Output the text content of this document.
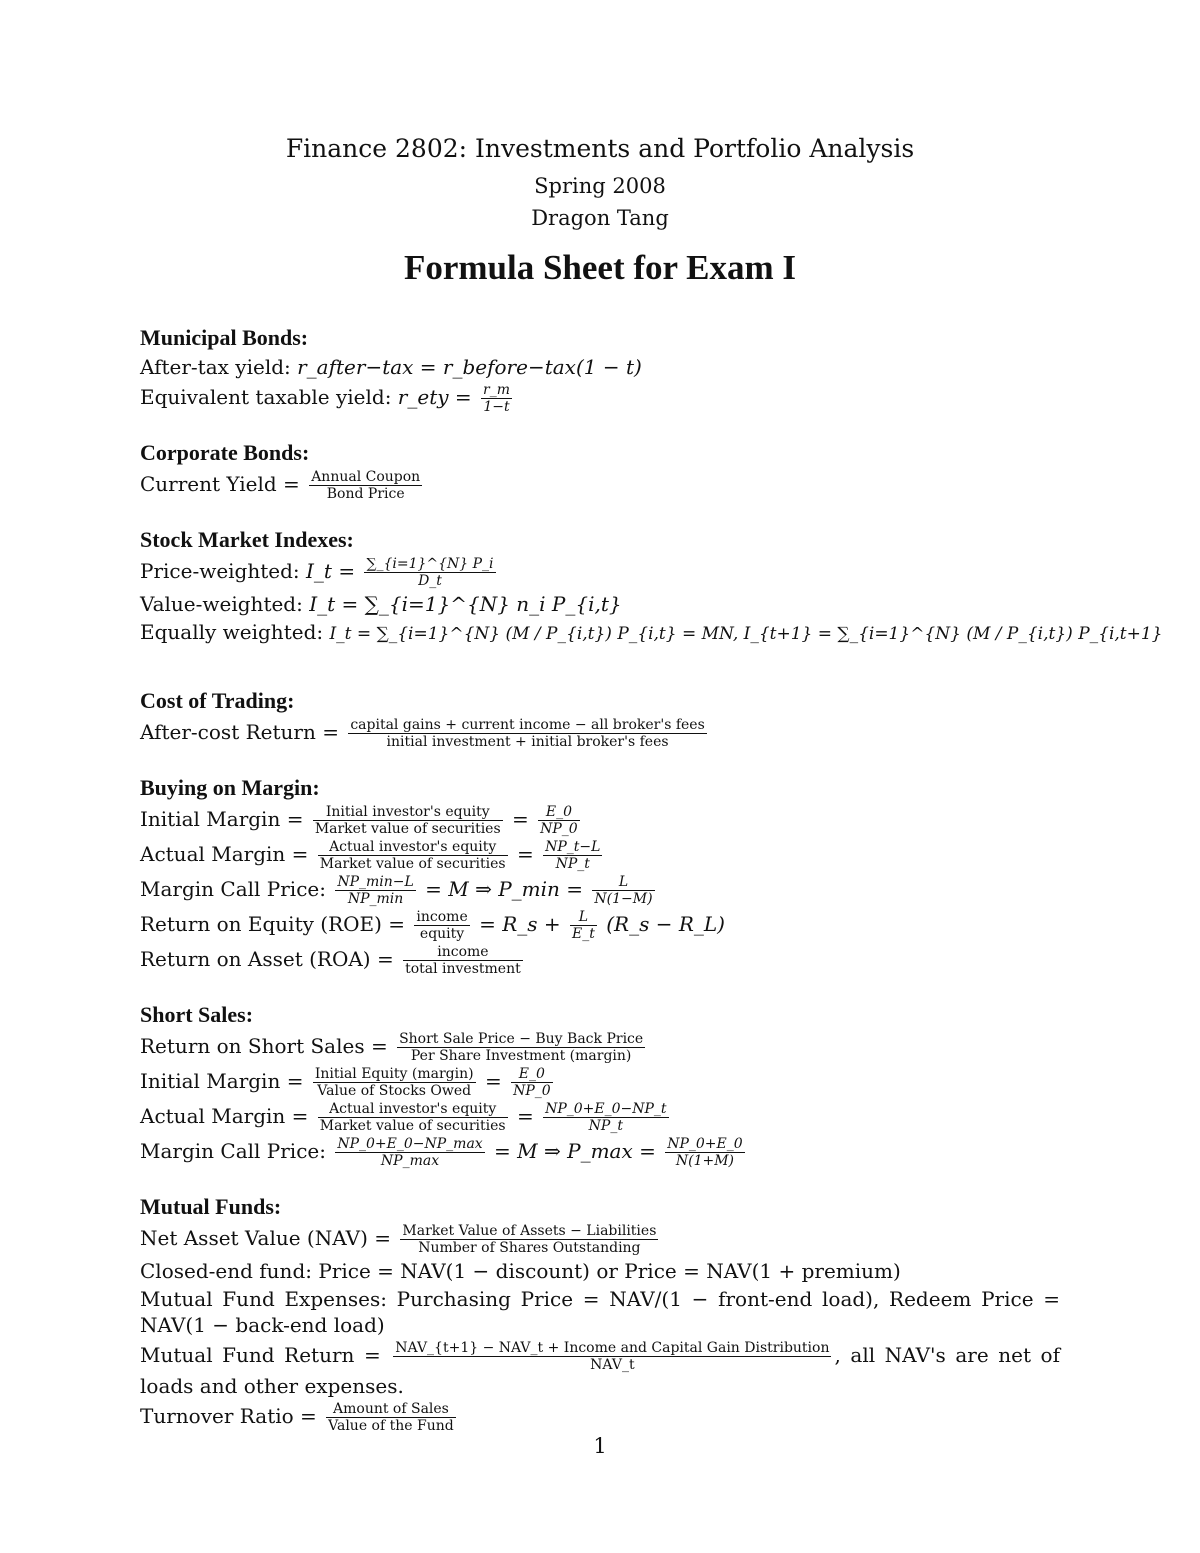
Finance 2802: Investments and Portfolio Analysis
Spring 2008
Dragon Tang
Formula Sheet for Exam I
Municipal Bonds:
After-tax yield: r_after−tax = r_before−tax(1 − t)
Equivalent taxable yield: r_ety = $\frac{r\_m}{1-t}$
Corporate Bonds:
Current Yield = $\frac{\text{Annual Coupon}}{\text{Bond Price}}$
Stock Market Indexes:
Price-weighted: I_t = $\frac{\sum\_\{i=1\}\^{}\{N\} P\_i}{D\_t}$
Value-weighted: I_t = ∑_{i=1}^{N} n_i P_{i,t}
Equally weighted: I_t = ∑_{i=1}^{N} (M / P_{i,t}) P_{i,t} = MN, I_{t+1} = ∑_{i=1}^{N} (M / P_{i,t}) P_{i,t+1}
Cost of Trading:
After-cost Return = $\frac{\text{capital gains + current income − all broker's fees}}{\text{initial investment + initial broker's fees}}$
Buying on Margin:
Initial Margin = $\frac{\text{Initial investor's equity}}{\text{Market value of securities}} = \frac{E\_0}{NP\_0}$
Actual Margin = $\frac{\text{Actual investor's equity}}{\text{Market value of securities}} = \frac{NP\_t-L}{NP\_t}$
Margin Call Price: $\frac{NP\_\min-L}{NP\_\min} = M$ ⇒ P_min = $\frac{L}{N(1-M)}$
Return on Equity $(ROE) = \frac{\text{income}}{\text{equity}}$ = R_s + $\frac{L}{E\_t}$ (R_s − R_L)
Return on Asset $(ROA) = \frac{\text{income}}{\text{total investment}}$
Short Sales:
Return on Short Sales = $\frac{\text{Short Sale Price − Buy Back Price}}{\text{Per Share Investment (margin)}}$
Initial Margin = $\frac{\text{Initial Equity (margin)}}{\text{Value of Stocks Owed}} = \frac{E\_0}{NP\_0}$
Actual Margin = $\frac{\text{Actual investor's equity}}{\text{Market value of securities}} = \frac{NP\_0+E\_0-NP\_t}{NP\_t}$
Margin Call Price: $\frac{NP\_0+E\_0-NP\_\max}{NP\_\max} = M$ ⇒ P_max = $\frac{NP\_0+E\_0}{N(1+M)}$
Mutual Funds:
Net Asset Value $(NAV) = \frac{\text{Market Value of Assets − Liabilities}}{\text{Number of Shares Outstanding}}$
Closed-end fund: Price = NAV(1 − discount) or Price = NAV(1 + premium)
Mutual Fund Expenses: Purchasing Price = NAV/(1 − front-end load), Redeem Price = NAV(1 − back-end load)
Mutual Fund Return = $\frac{\text{NAV\_\{t+1\} − NAV\_t + Income and Capital Gain Distribution}}{\text{NAV\_t}}$ , all NAV's are net of loads and other expenses.
Turnover Ratio = $\frac{\text{Amount of Sales}}{\text{Value of the Fund}}$
1
